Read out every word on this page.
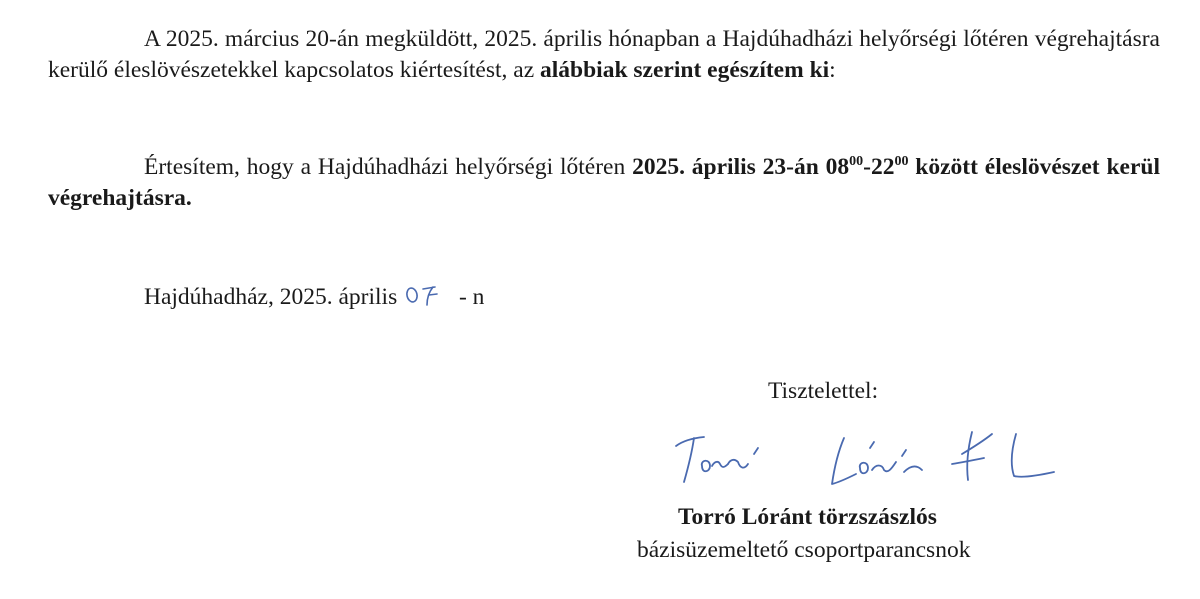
A 2025. március 20-án megküldött, 2025. április hónapban a Hajdúhadházi helyőrségi lőtéren végrehajtásra kerülő éleslövészetekkel kapcsolatos kiértesítést, az alábbiak szerint egészítem ki:

Értesítem, hogy a Hajdúhadházi helyőrségi lőtéren 2025. április 23-án $08^{00}-22^{00}$ között éleslövészet kerül végrehajtásra.

Hajdúhadház, 2025. április	- n
Tisztelettel:
Torró Lóránt törzszászlós
bázisüzemeltető csoportparancsnok
